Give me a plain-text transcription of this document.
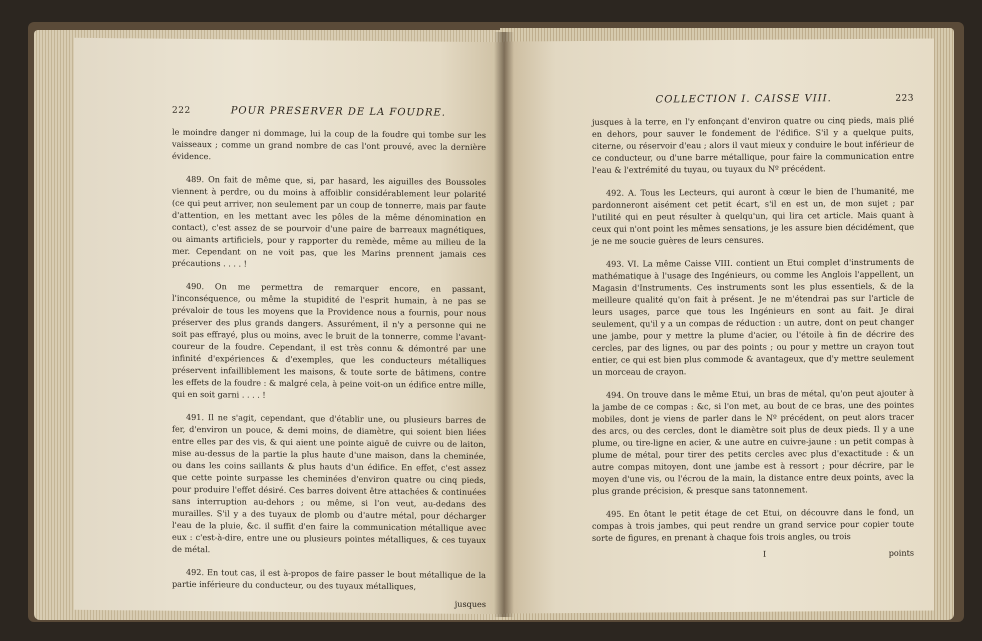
222	POUR PRESERVER DE LA FOUDRE.

le moindre danger ni dommage, lui la coup de la foudre qui tombe sur les vaisseaux ; comme un grand nombre de cas l'ont prouvé, avec la dernière évidence.

489. On fait de même que, si, par hasard, les aiguilles des Boussoles viennent à perdre, ou du moins à affoiblir considérablement leur polarité (ce qui peut arriver, non seulement par un coup de tonnerre, mais par faute d'attention, en les mettant avec les pôles de la même dénomination en contact), c'est assez de se pourvoir d'une paire de barreaux magnétiques, ou aimants artificiels, pour y rapporter du remède, même au milieu de la mer. Cependant on ne voit pas, que les Marins prennent jamais ces précautions . . . . !

490. On me permettra de remarquer encore, en passant, l'inconséquence, ou même la stupidité de l'esprit humain, à ne pas se prévaloir de tous les moyens que la Providence nous a fournis, pour nous préserver des plus grands dangers. Assurément, il n'y a personne qui ne soit pas effrayé, plus ou moins, avec le bruit de la tonnerre, comme l'avant-coureur de la foudre. Cependant, il est très connu & démontré par une infinité d'expériences & d'exemples, que les conducteurs métalliques préservent infailliblement les maisons, & toute sorte de bâtimens, contre les effets de la foudre : & malgré cela, à peine voit-on un édifice entre mille, qui en soit garni . . . . !

491. Il ne s'agit, cependant, que d'établir une, ou plusieurs barres de fer, d'environ un pouce, & demi moins, de diamètre, qui soient bien liées entre elles par des vis, & qui aient une pointe aiguë de cuivre ou de laiton, mise au-dessus de la partie la plus haute d'une maison, dans la cheminée, ou dans les coins saillants & plus hauts d'un édifice. En effet, c'est assez que cette pointe surpasse les cheminées d'environ quatre ou cinq pieds, pour produire l'effet désiré. Ces barres doivent être attachées & continuées sans interruption au-dehors ; ou même, si l'on veut, au-dedans des murailles. S'il y a des tuyaux de plomb ou d'autre métal, pour décharger l'eau de la pluie, &c. il suffit d'en faire la communication métallique avec eux : c'est-à-dire, entre une ou plusieurs pointes métalliques, & ces tuyaux de métal.

492. En tout cas, il est à-propos de faire passer le bout métallique de la partie inférieure du conducteur, ou des tuyaux métalliques,

jusques
COLLECTION I. CAISSE VIII.	223

jusques à la terre, en l'y enfonçant d'environ quatre ou cinq pieds, mais plié en dehors, pour sauver le fondement de l'édifice. S'il y a quelque puits, citerne, ou réservoir d'eau ; alors il vaut mieux y conduire le bout inférieur de ce conducteur, ou d'une barre métallique, pour faire la communication entre l'eau & l'extrémité du tuyau, ou tuyaux du Nº précédent.

492. A. Tous les Lecteurs, qui auront à cœur le bien de l'humanité, me pardonneront aisément cet petit écart, s'il en est un, de mon sujet ; par l'utilité qui en peut résulter à quelqu'un, qui lira cet article. Mais quant à ceux qui n'ont point les mêmes sensations, je les assure bien décidément, que je ne me soucie guères de leurs censures.

493. VI. La même Caisse VIII. contient un Etui complet d'instruments de mathématique à l'usage des Ingénieurs, ou comme les Anglois l'appellent, un Magasin d'Instruments. Ces instruments sont les plus essentiels, & de la meilleure qualité qu'on fait à présent. Je ne m'étendrai pas sur l'article de leurs usages, parce que tous les Ingénieurs en sont au fait. Je dirai seulement, qu'il y a un compas de réduction : un autre, dont on peut changer une jambe, pour y mettre la plume d'acier, ou l'étoile à fin de décrire des cercles, par des lignes, ou par des points ; ou pour y mettre un crayon tout entier, ce qui est bien plus commode & avantageux, que d'y mettre seulement un morceau de crayon.

494. On trouve dans le même Etui, un bras de métal, qu'on peut ajouter à la jambe de ce compas : &c, si l'on met, au bout de ce bras, une des pointes mobiles, dont je viens de parler dans le Nº précédent, on peut alors tracer des arcs, ou des cercles, dont le diamètre soit plus de deux pieds. Il y a une plume, ou tire-ligne en acier, & une autre en cuivre-jaune : un petit compas à plume de métal, pour tirer des petits cercles avec plus d'exactitude : & un autre compas mitoyen, dont une jambe est à ressort ; pour décrire, par le moyen d'une vis, ou l'écrou de la main, la distance entre deux points, avec la plus grande précision, & presque sans tatonnement.

495. En ôtant le petit étage de cet Etui, on découvre dans le fond, un compas à trois jambes, qui peut rendre un grand service pour copier toute sorte de figures, en prenant à chaque fois trois angles, ou trois

I	points
